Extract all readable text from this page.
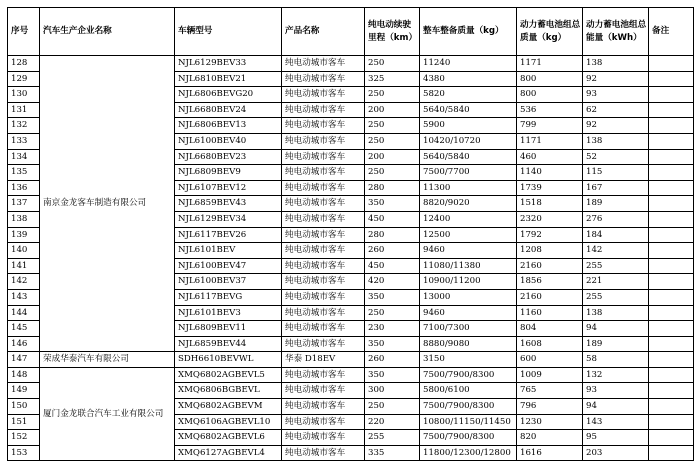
序号	汽车生产企业名称	车辆型号	产品名称	纯电动续驶里程（km）	整车整备质量（kg）	动力蓄电池组总质量（kg）	动力蓄电池组总能量（kWh）	备注
128	南京金龙客车制造有限公司	NJL6129BEV33	纯电动城市客车	250	11240	1171	138	
129		NJL6810BEV21	纯电动城市客车	325	4380	800	92	
130		NJL6806BEVG20	纯电动城市客车	250	5820	800	93	
131		NJL6680BEV24	纯电动城市客车	200	5640/5840	536	62	
132		NJL6806BEV13	纯电动城市客车	250	5900	799	92	
133		NJL6100BEV40	纯电动城市客车	250	10420/10720	1171	138	
134		NJL6680BEV23	纯电动城市客车	200	5640/5840	460	52	
135		NJL6809BEV9	纯电动城市客车	250	7500/7700	1140	115	
136		NJL6107BEV12	纯电动城市客车	280	11300	1739	167	
137		NJL6859BEV43	纯电动城市客车	350	8820/9020	1518	189	
138		NJL6129BEV34	纯电动城市客车	450	12400	2320	276	
139		NJL6117BEV26	纯电动城市客车	280	12500	1792	184	
140		NJL6101BEV	纯电动城市客车	260	9460	1208	142	
141		NJL6100BEV47	纯电动城市客车	450	11080/11380	2160	255	
142		NJL6100BEV37	纯电动城市客车	420	10900/11200	1856	221	
143		NJL6117BEVG	纯电动城市客车	350	13000	2160	255	
144		NJL6101BEV3	纯电动城市客车	250	9460	1160	138	
145		NJL6809BEV11	纯电动城市客车	230	7100/7300	804	94	
146		NJL6859BEV44	纯电动城市客车	350	8880/9080	1608	189	
147	荣成华泰汽车有限公司	SDH6610BEVWL	华泰 D18EV	260	3150	600	58	
148	厦门金龙联合汽车工业有限公司	XMQ6802AGBEVL5	纯电动城市客车	350	7500/7900/8300	1009	132	
149		XMQ6806BGBEVL	纯电动城市客车	300	5800/6100	765	93	
150		XMQ6802AGBEVM	纯电动城市客车	250	7500/7900/8300	796	94	
151		XMQ6106AGBEVL10	纯电动城市客车	220	10800/11150/11450	1230	143	
152		XMQ6802AGBEVL6	纯电动城市客车	255	7500/7900/8300	820	95	
153		XMQ6127AGBEVL4	纯电动城市客车	335	11800/12300/12800	1616	203	
